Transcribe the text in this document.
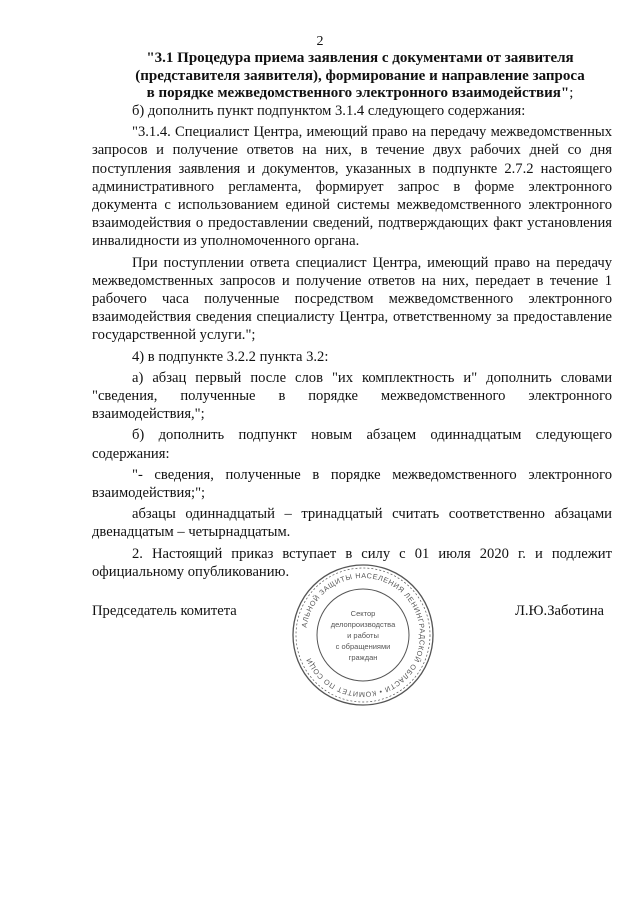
2
"3.1 Процедура приема заявления с документами от заявителя
(представителя заявителя), формирование и направление запроса
в порядке межведомственного электронного взаимодействия";

б) дополнить пункт подпунктом 3.1.4 следующего содержания:

"3.1.4. Специалист Центра, имеющий право на передачу межведомственных запросов и получение ответов на них, в течение двух рабочих дней со дня поступления заявления и документов, указанных в подпункте 2.7.2 настоящего административного регламента, формирует запрос в форме электронного документа с использованием единой системы межведомственного электронного взаимодействия о предоставлении сведений, подтверждающих факт установления инвалидности из уполномоченного органа.

При поступлении ответа специалист Центра, имеющий право на передачу межведомственных запросов и получение ответов на них, передает в течение 1 рабочего часа полученные посредством межведомственного электронного взаимодействия сведения специалисту Центра, ответственному за предоставление государственной услуги.";

4) в подпункте 3.2.2 пункта 3.2:

а) абзац первый после слов "их комплектность и" дополнить словами "сведения, полученные в порядке межведомственного электронного взаимодействия,";

б) дополнить подпункт новым абзацем одиннадцатым следующего содержания:

"- сведения, полученные в порядке межведомственного электронного взаимодействия;";

абзацы одиннадцатый – тринадцатый считать соответственно абзацами двенадцатым – четырнадцатым.

2. Настоящий приказ вступает в силу с 01 июля 2020 г. и подлежит официальному опубликованию.

Председатель комитета	Л.Ю.Заботина
АЛЬНОЙ ЗАЩИТЫ НАСЕЛЕНИЯ ЛЕНИНГРАДСКОЙ ОБЛАСТИ • КОМИТЕТ ПО СОЦИ
Сектор
делопроизводства
и работы
с обращениями
граждан
